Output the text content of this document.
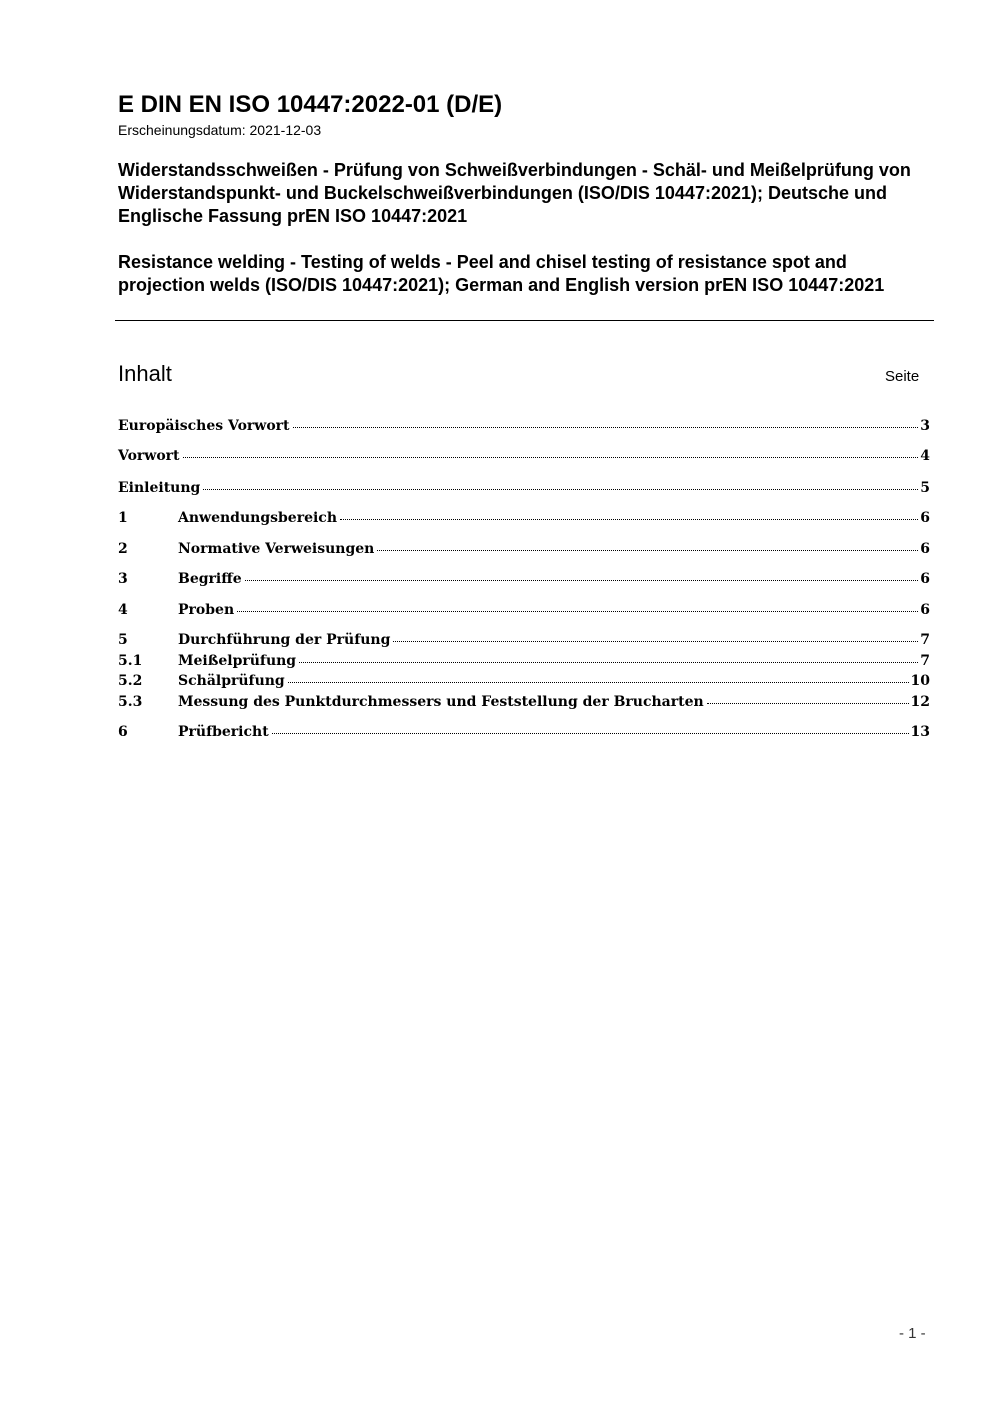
E DIN EN ISO 10447:2022-01 (D/E)
Erscheinungsdatum: 2021-12-03

Widerstandsschweißen - Prüfung von Schweißverbindungen - Schäl- und Meißelprüfung von Widerstandspunkt- und Buckelschweißverbindungen (ISO/DIS 10447:2021); Deutsche und Englische Fassung prEN ISO 10447:2021

Resistance welding - Testing of welds - Peel and chisel testing of resistance spot and projection welds (ISO/DIS 10447:2021); German and English version prEN ISO 10447:2021

Inhalt	Seite
Europäisches Vorwort	3
Vorwort	4
Einleitung	5
1	Anwendungsbereich	6
2	Normative Verweisungen	6
3	Begriffe	6
4	Proben	6
5	Durchführung der Prüfung	7
5.1	Meißelprüfung	7
5.2	Schälprüfung	10
5.3	Messung des Punktdurchmessers und Feststellung der Brucharten	12
6	Prüfbericht	13
- 1 -
